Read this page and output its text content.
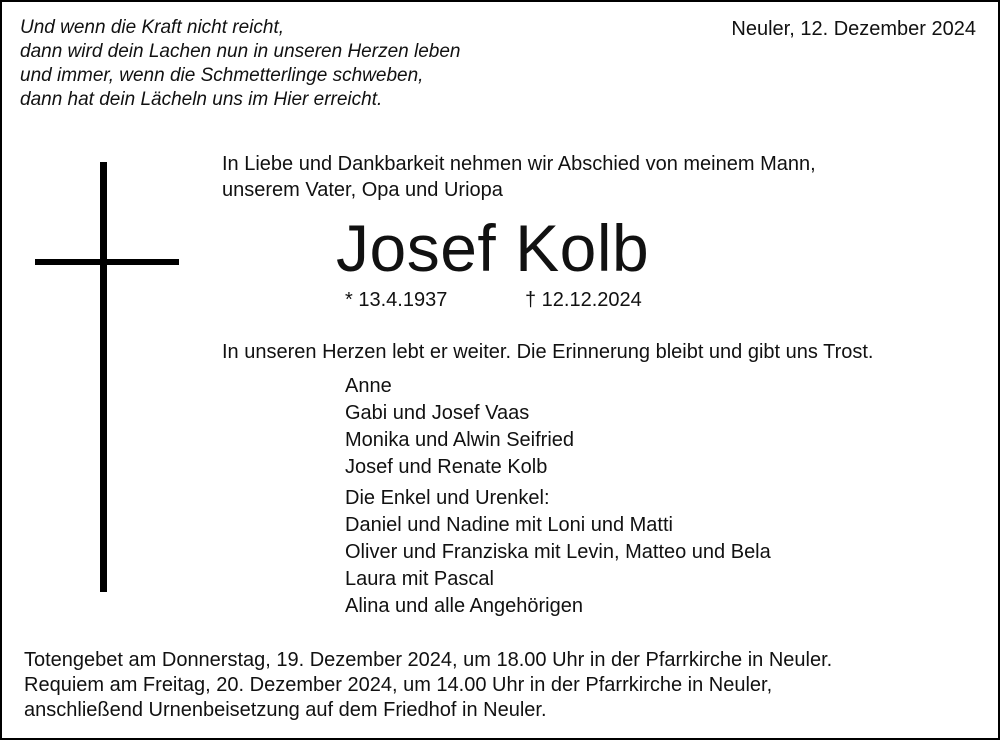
Und wenn die Kraft nicht reicht,
dann wird dein Lachen nun in unseren Herzen leben
und immer, wenn die Schmetterlinge schweben,
dann hat dein Lächeln uns im Hier erreicht.
Neuler, 12. Dezember 2024
In Liebe und Dankbarkeit nehmen wir Abschied von meinem Mann,
unserem Vater, Opa und Uriopa
Josef Kolb
* 13.4.1937	† 12.12.2024
In unseren Herzen lebt er weiter. Die Erinnerung bleibt und gibt uns Trost.
Anne
Gabi und Josef Vaas
Monika und Alwin Seifried
Josef und Renate Kolb
Die Enkel und Urenkel:
Daniel und Nadine mit Loni und Matti
Oliver und Franziska mit Levin, Matteo und Bela
Laura mit Pascal
Alina und alle Angehörigen
Totengebet am Donnerstag, 19. Dezember 2024, um 18.00 Uhr in der Pfarrkirche in Neuler.
Requiem am Freitag, 20. Dezember 2024, um 14.00 Uhr in der Pfarrkirche in Neuler,
anschließend Urnenbeisetzung auf dem Friedhof in Neuler.
